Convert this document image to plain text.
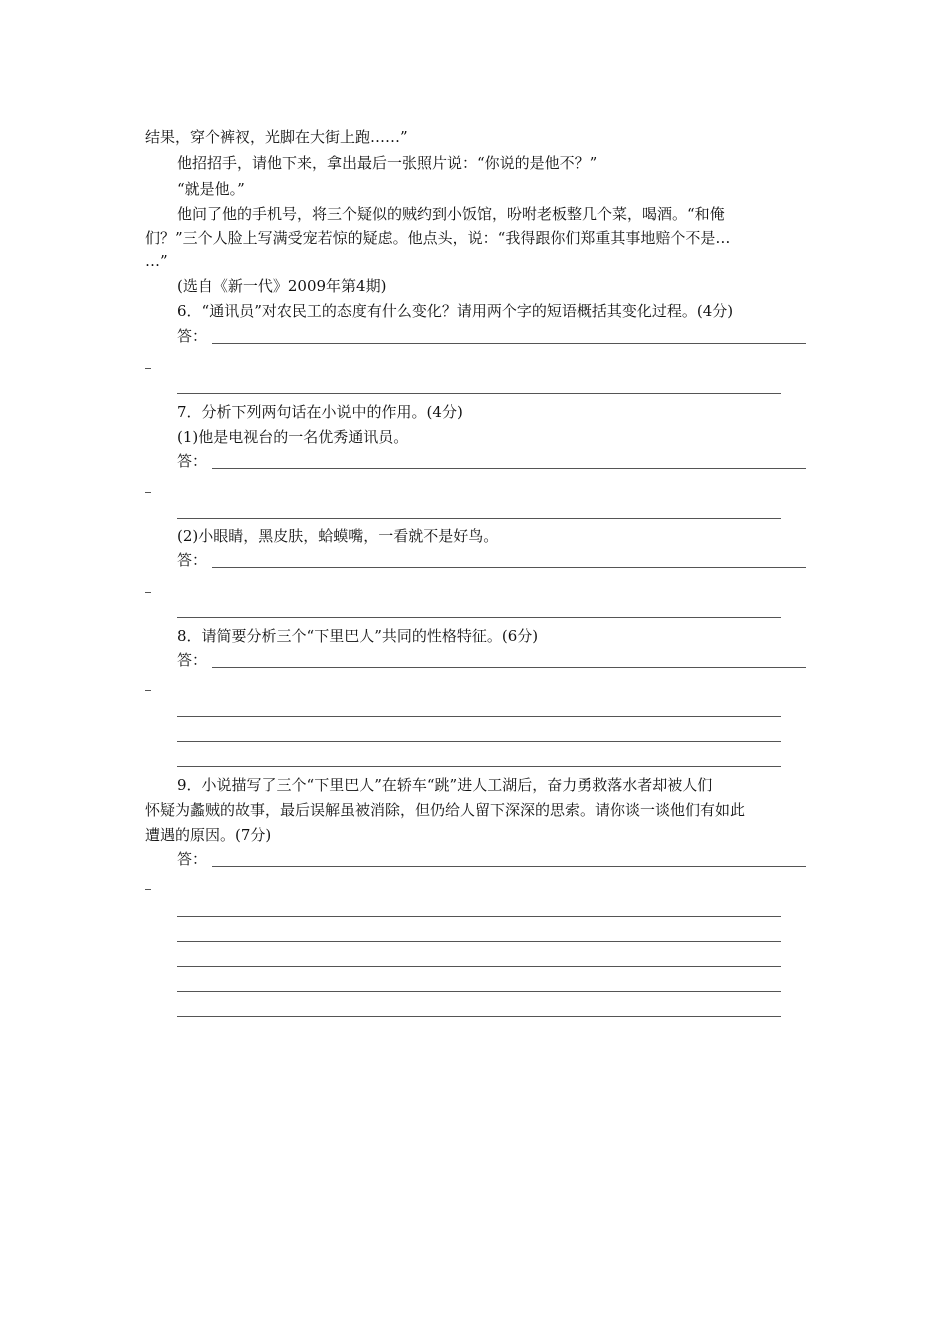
结果，穿个裤衩，光脚在大街上跑……”
他招招手，请他下来，拿出最后一张照片说：“你说的是他不？”
“就是他。”
他问了他的手机号，将三个疑似的贼约到小饭馆，吩咐老板整几个菜，喝酒。“和俺
们？”三个人脸上写满受宠若惊的疑虑。他点头，说：“我得跟你们郑重其事地赔个不是…
…”
(选自《新一代》2009年第4期)
6．“通讯员”对农民工的态度有什么变化？请用两个字的短语概括其变化过程。(4分)
答：
7．分析下列两句话在小说中的作用。(4分)
(1)他是电视台的一名优秀通讯员。
答：
(2)小眼睛，黑皮肤，蛤蟆嘴，一看就不是好鸟。
答：
8．请简要分析三个“下里巴人”共同的性格特征。(6分)
答：
9．小说描写了三个“下里巴人”在轿车“跳”进人工湖后，奋力勇救落水者却被人们
怀疑为蠡贼的故事，最后误解虽被消除，但仍给人留下深深的思索。请你谈一谈他们有如此
遭遇的原因。(7分)
答：
